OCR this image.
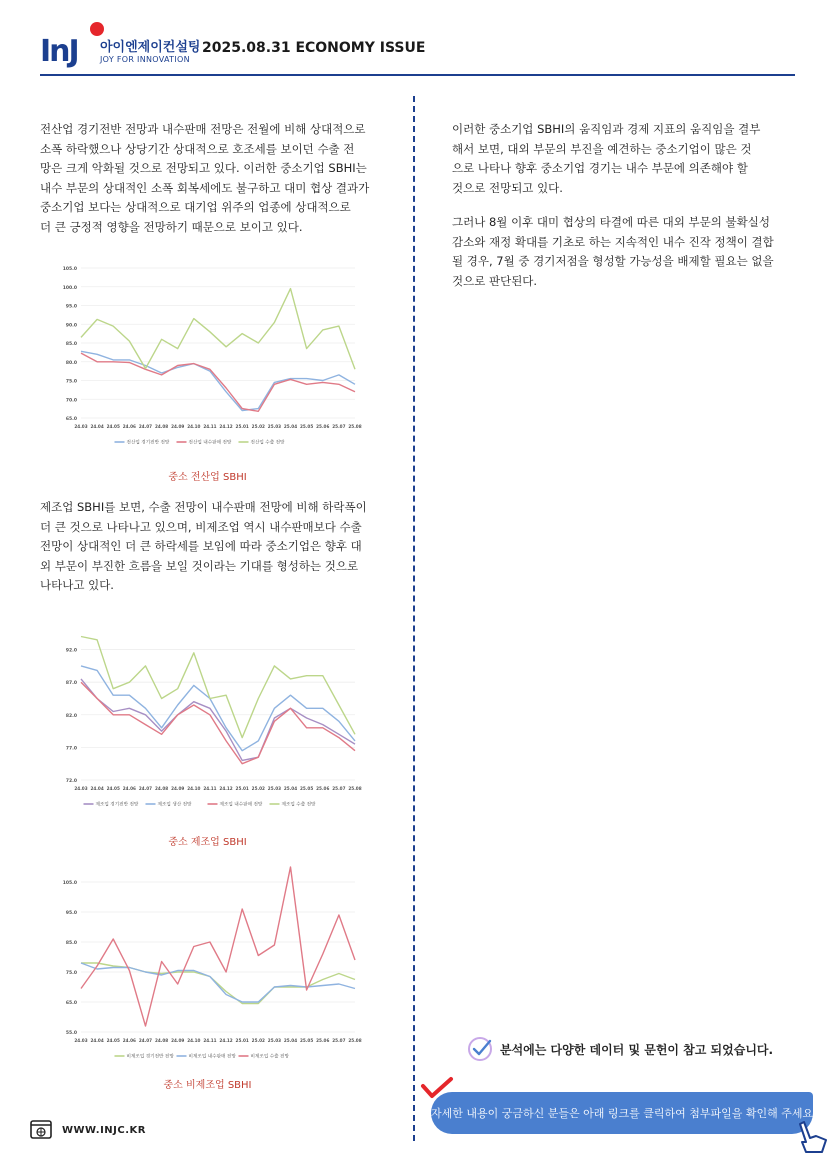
InJ 아이엔제이컨설팅
JOY FOR INNOVATION
2025.08.31 ECONOMY ISSUE

전산업 경기전반 전망과 내수판매 전망은 전월에 비해 상대적으로
소폭 하락했으나 상당기간 상대적으로 호조세를 보이던 수출 전
망은 크게 악화될 것으로 전망되고 있다. 이러한 중소기업 SBHI는
내수 부문의 상대적인 소폭 회복세에도 불구하고 대미 협상 결과가
중소기업 보다는 상대적으로 대기업 위주의 업종에 상대적으로
더 큰 긍정적 영향을 전망하기 때문으로 보이고 있다.

65.0
70.0
75.0
80.0
85.0
90.0
95.0
100.0
105.0
24.03 24.04 24.05 24.06 24.07 24.08 24.09 24.10 24.11 24.12 25.01 25.02 25.03 25.04 25.05 25.06 25.07 25.08
전산업 경기전반 전망	전산업 내수판매 전망	전산업 수출 전망
중소 전산업 SBHI

제조업 SBHI를 보면, 수출 전망이 내수판매 전망에 비해 하락폭이
더 큰 것으로 나타나고 있으며, 비제조업 역시 내수판매보다 수출
전망이 상대적인 더 큰 하락세를 보임에 따라 중소기업은 향후 대
외 부문이 부진한 흐름을 보일 것이라는 기대를 형성하는 것으로
나타나고 있다.

72.0
77.0
82.0
87.0
92.0
24.03 24.04 24.05 24.06 24.07 24.08 24.09 24.10 24.11 24.12 25.01 25.02 25.03 25.04 25.05 25.06 25.07 25.08
제조업 경기전반 전망	제조업 생산 전망	제조업 내수판매 전망	제조업 수출 전망
중소 제조업 SBHI
55.0
65.0
75.0
85.0
95.0
105.0
24.03 24.04 24.05 24.06 24.07 24.08 24.09 24.10 24.11 24.12 25.01 25.02 25.03 25.04 25.05 25.06 25.07 25.08
비제조업 경기전반 전망	비제조업 내수판매 전망	비제조업 수출 전망
중소 비제조업 SBHI
WWW.INJC.KR

이러한 중소기업 SBHI의 움직임과 경제 지표의 움직임을 결부
해서 보면, 대외 부문의 부진을 예견하는 중소기업이 많은 것
으로 나타나 향후 중소기업 경기는 내수 부문에 의존해야 할
것으로 전망되고 있다.

그러나 8월 이후 대미 협상의 타결에 따른 대외 부문의 불확실성
감소와 재정 확대를 기초로 하는 지속적인 내수 진작 정책이 결합
될 경우, 7월 중 경기저점을 형성할 가능성을 배제할 필요는 없을
것으로 판단된다.

분석에는 다양한 데이터 및 문헌이 참고 되었습니다.
자세한 내용이 궁금하신 분들은 아래 링크를 클릭하여 첨부파일을 확인해 주세요!
